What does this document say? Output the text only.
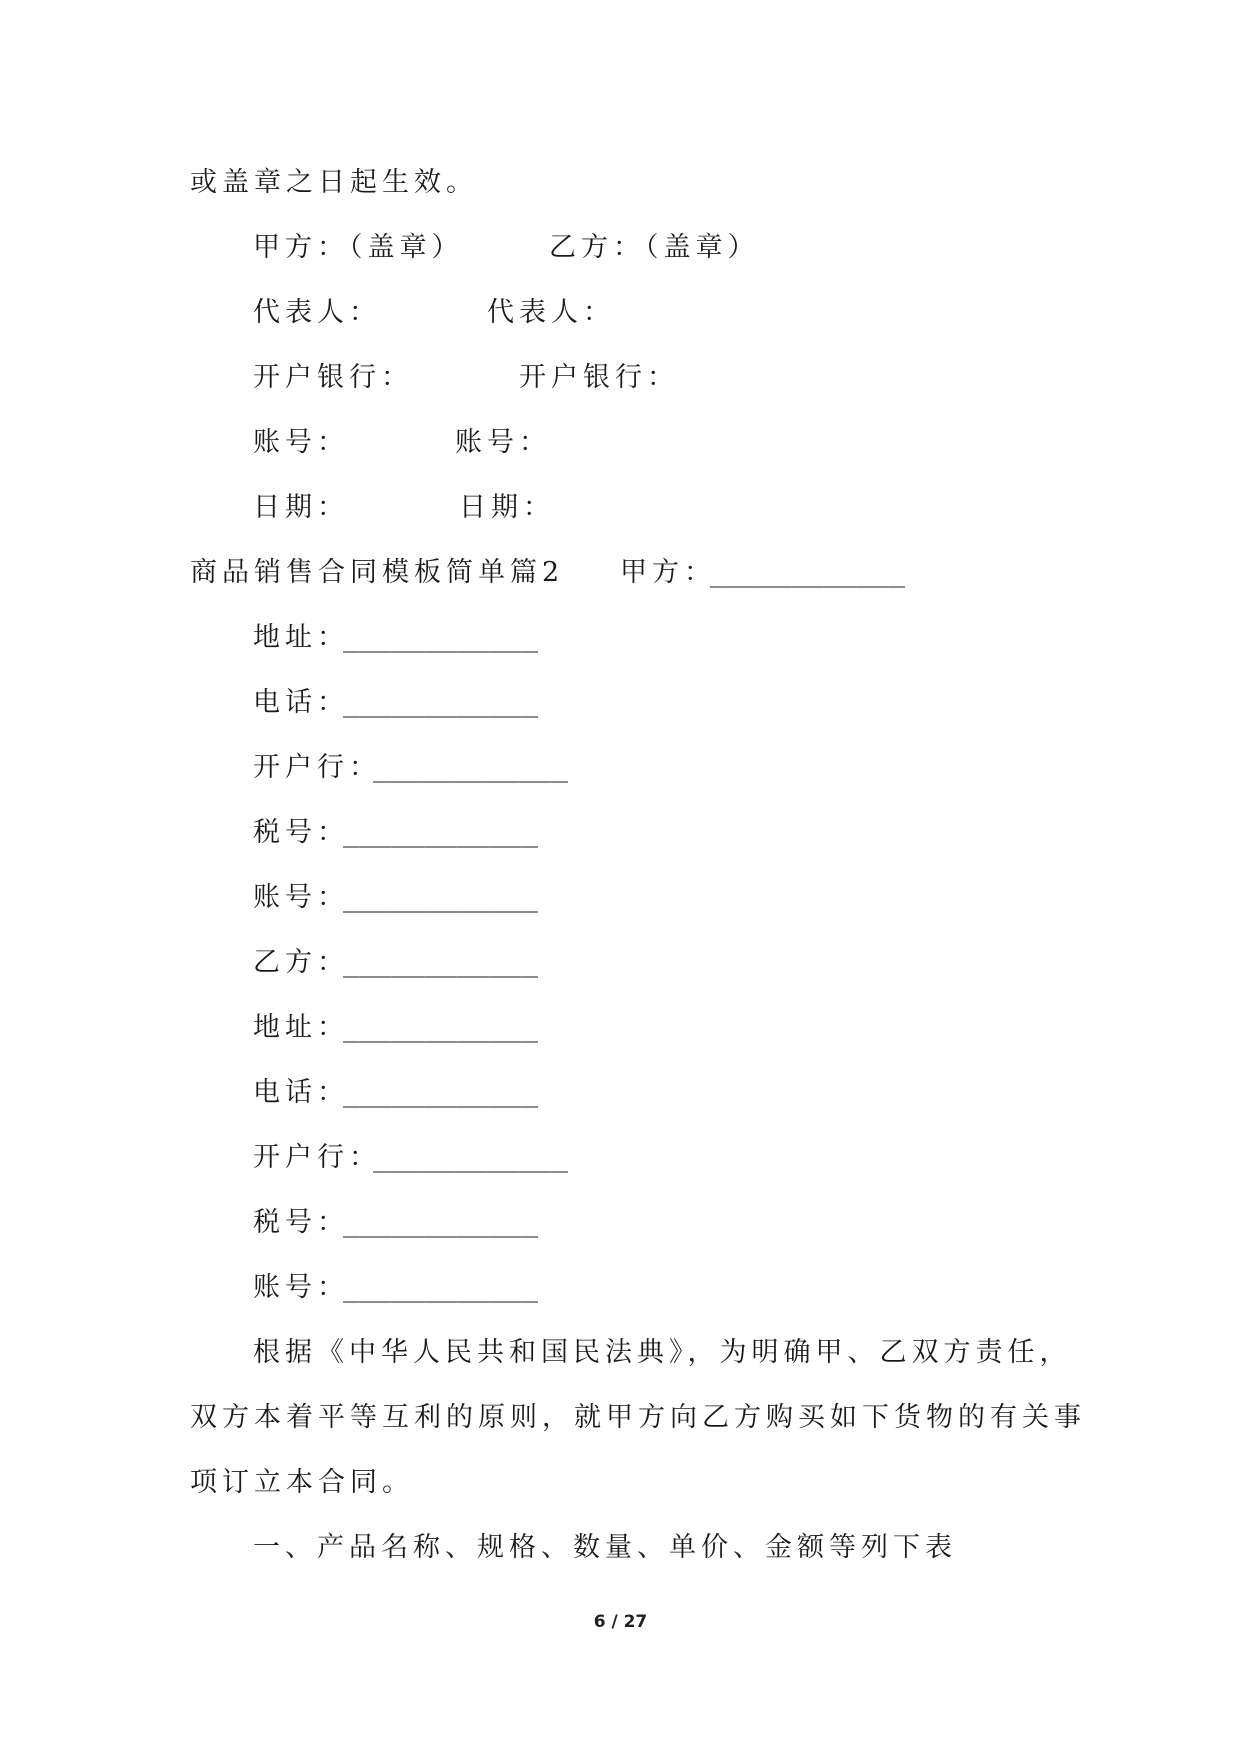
或盖章之日起生效。
甲方：（盖章）	乙方：（盖章）
代表人：	代表人：
开户银行：	开户银行：
账号：	账号：
日期：	日期：
商品销售合同模板简单篇2 甲方：
____________
地址：
____________
电话：
____________
开户行：
____________
税号：
____________
账号：
____________
乙方：
____________
地址：
____________
电话：
____________
开户行：
____________
税号：
____________
账号：
____________
根据《中华人民共和国民法典》，为明确甲、乙双方责任，
双方本着平等互利的原则，就甲方向乙方购买如下货物的有关事
项订立本合同。
一、产品名称、规格、数量、单价、金额等列下表
6 / 27
